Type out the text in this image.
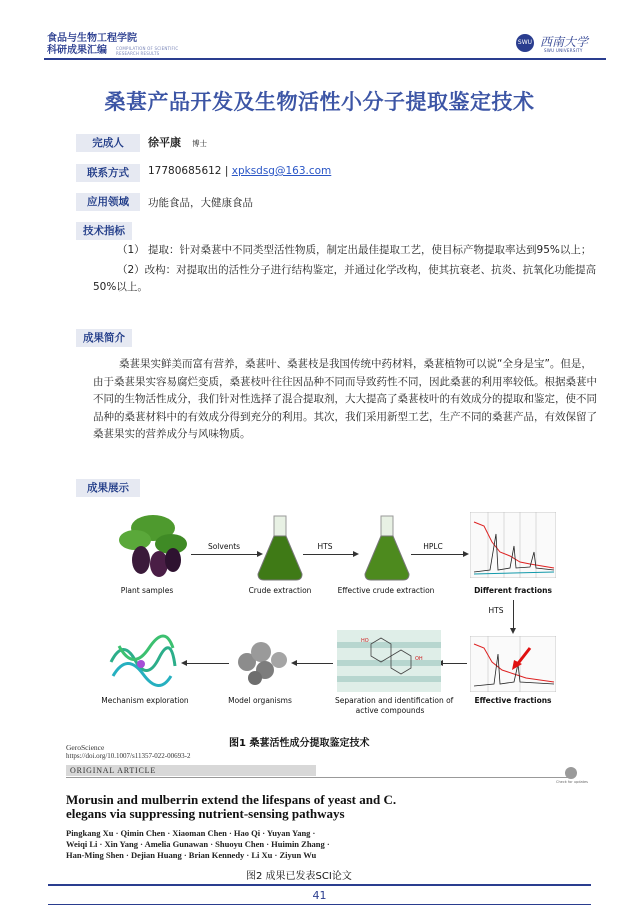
食品与生物工程学院
科研成果汇编 COMPILATION OF SCIENTIFIC
RESEARCH RESULTS
SWU 西南大学
SWU UNIVERSITY
桑葚产品开发及生物活性小分子提取鉴定技术
完成人	徐平康 博士
联系方式	17780685612 | xpksdsg@163.com
应用领域	功能食品，大健康食品
技术指标

（1） 提取：针对桑葚中不同类型活性物质，制定出最佳提取工艺，使目标产物提取率达到95%以上；

（2）改构：对提取出的活性分子进行结构鉴定，并通过化学改构，使其抗衰老、抗炎、抗氧化功能提高50%以上。

成果简介

桑葚果实鲜美而富有营养，桑葚叶、桑葚枝是我国传统中药材料，桑葚植物可以说“全身是宝”。但是，由于桑葚果实容易腐烂变质，桑葚枝叶往往因品种不同而导致药性不同，因此桑葚的利用率较低。根据桑葚中不同的生物活性成分，我们针对性选择了混合提取剂，大大提高了桑葚枝叶的有效成分的提取和鉴定，使不同品种的桑葚材料中的有效成分得到充分的利用。其次，我们采用新型工艺，生产不同的桑葚产品，有效保留了桑葚果实的营养成分与风味物质。

成果展示
Plant samples
Solvents
Crude extraction
HTS
Effective crude extraction
HPLC
Different fractions
HTS
Effective fractions
OH
HO
Separation and identification of
active compounds
Model organisms
Mechanism exploration
图1 桑葚活性成分提取鉴定技术
GeroScience
https://doi.org/10.1007/s11357-022-00693-2
ORIGINAL ARTICLE
Check for updates
Morusin and mulberrin extend the lifespans of yeast and C.
elegans via suppressing nutrient-sensing pathways
Pingkang Xu · Qimin Chen · Xiaoman Chen · Hao Qi · Yuyan Yang ·
Weiqi Li · Xin Yang · Amelia Gunawan · Shuoyu Chen · Huimin Zhang ·
Han-Ming Shen · Dejian Huang · Brian Kennedy · Li Xu · Ziyun Wu
图2 成果已发表SCI论文
41
